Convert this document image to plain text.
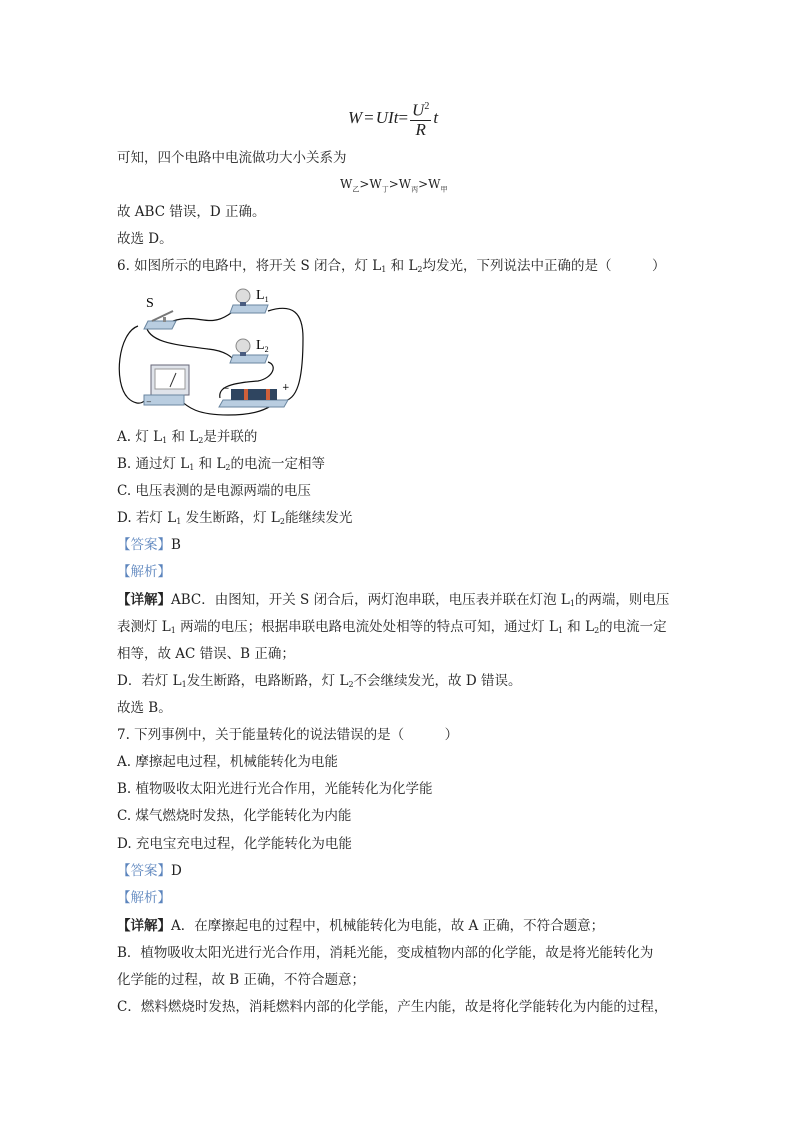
W = UIt = $\frac{U^2}{R}$ t
$W_乙>W_丁>W_丙>W_甲$
可知，四个电路中电流做功大小关系为
故 ABC 错误，D 正确。
故选 D。
6. 如图所示的电路中，将开关 S 闭合，灯 $L_1$ 和 $L_2$均发光，下列说法中正确的是（　　　）
A. 灯 $L_1$ 和 $L_2$是并联的
B. 通过灯 $L_1$ 和 $L_2$的电流一定相等
C. 电压表测的是电源两端的电压
D. 若灯 $L_1$ 发生断路，灯 $L_2$能继续发光
【答案】B
【解析】
【详解】ABC．由图知，开关 S 闭合后，两灯泡串联，电压表并联在灯泡 $L_1$的两端，则电压
表测灯 $L_1$ 两端的电压；根据串联电路电流处处相等的特点可知，通过灯 $L_1$ 和 $L_2$的电流一定
相等，故 AC 错误、B 正确；
D．若灯 $L_1$发生断路，电路断路，灯 $L_2$不会继续发光，故 D 错误。
故选 B。
7. 下列事例中，关于能量转化的说法错误的是（　　　）
A. 摩擦起电过程，机械能转化为电能
B. 植物吸收太阳光进行光合作用，光能转化为化学能
C. 煤气燃烧时发热，化学能转化为内能
D. 充电宝充电过程，化学能转化为电能
【答案】D
【解析】
【详解】A．在摩擦起电的过程中，机械能转化为电能，故 A 正确，不符合题意；
B．植物吸收太阳光进行光合作用，消耗光能，变成植物内部的化学能，故是将光能转化为
化学能的过程，故 B 正确，不符合题意；
C．燃料燃烧时发热，消耗燃料内部的化学能，产生内能，故是将化学能转化为内能的过程，
S
$L_1$
$L_2$
−
−	+
